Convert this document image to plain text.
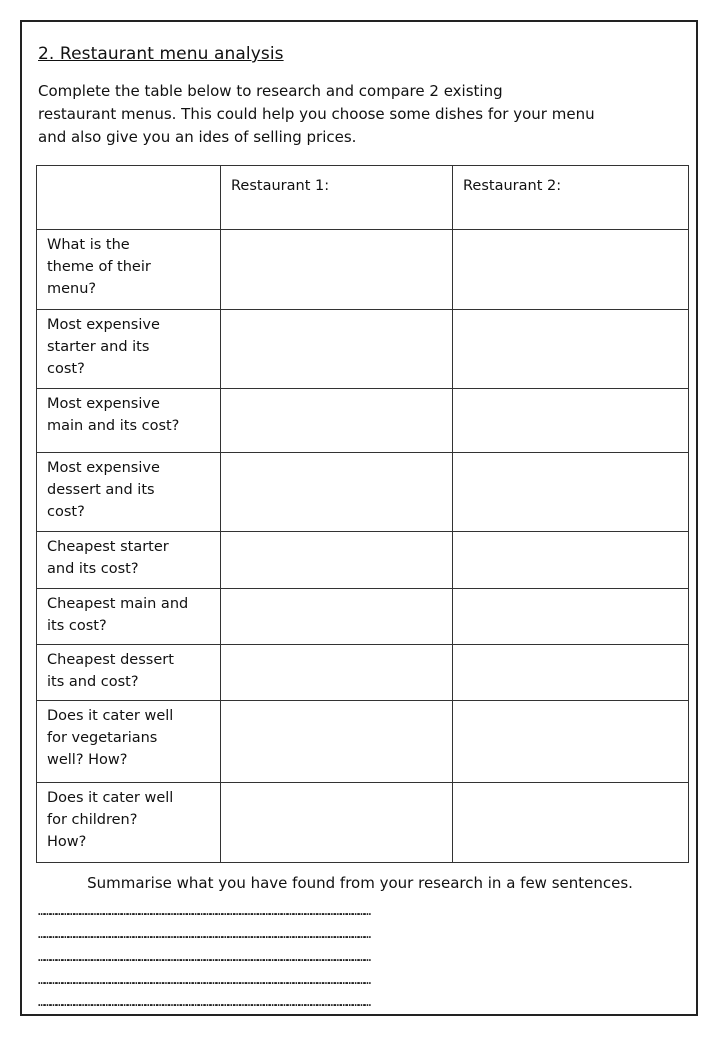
2. Restaurant menu analysis
Complete the table below to research and compare 2 existing
restaurant menus. This could help you choose some dishes for your menu
and also give you an ides of selling prices.
	Restaurant 1:	Restaurant 2:

What is the
theme of their
menu?		

Most expensive
starter and its
cost?		

Most expensive
main and its cost?		

Most expensive
dessert and its
cost?		

Cheapest starter
and its cost?		

Cheapest main and
its cost?		

Cheapest dessert
its and cost?		

Does it cater well
for vegetarians
well? How?		

Does it cater well
for children?
How?		

Summarise what you have found from your research in a few sentences.
……………………………………………………………………………………………………………………………………………………
……………………………………………………………………………………………………………………………………………………
……………………………………………………………………………………………………………………………………………………
……………………………………………………………………………………………………………………………………………………
……………………………………………………………………………………………………………………………………………………
